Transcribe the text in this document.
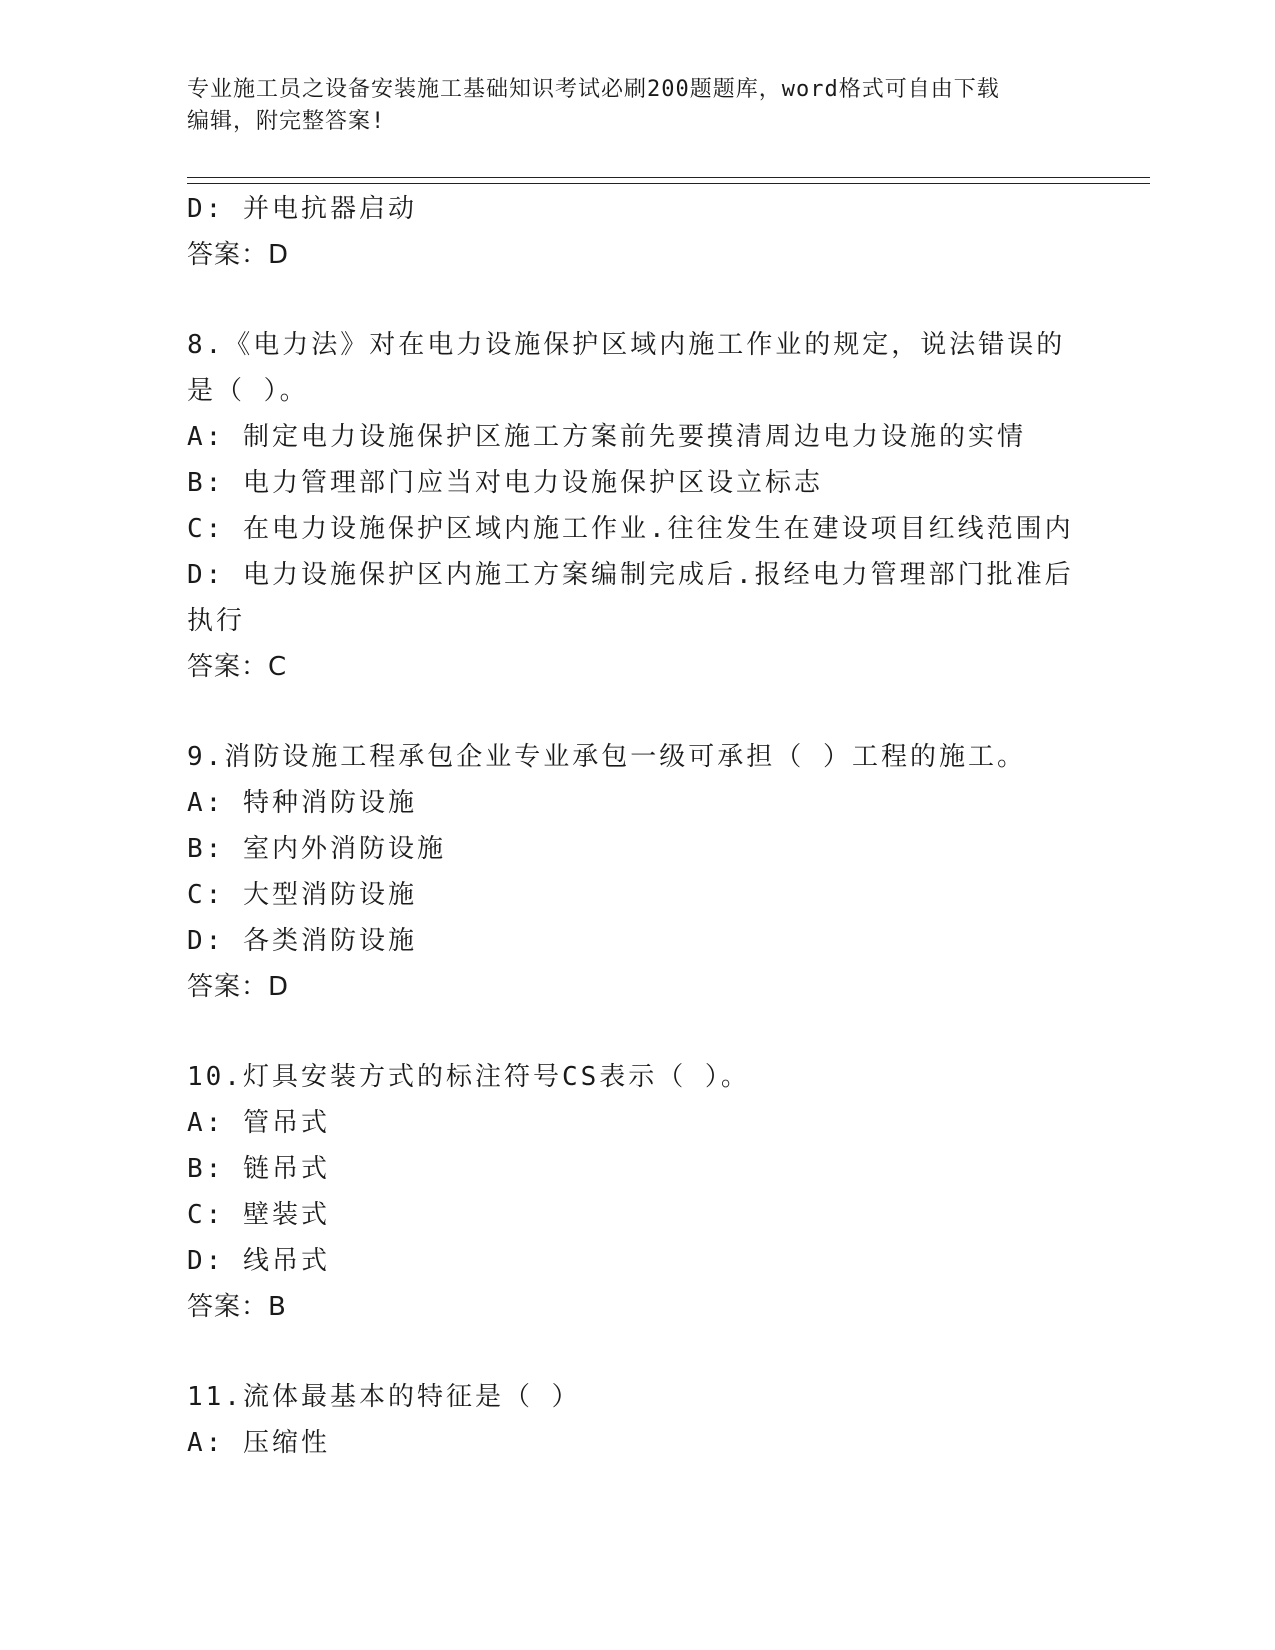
专业施工员之设备安装施工基础知识考试必刷200题题库，word格式可自由下载
编辑，附完整答案!
D: 并电抗器启动
答案：D
8.《电力法》对在电力设施保护区域内施工作业的规定，说法错误的
是（ ）。
A: 制定电力设施保护区施工方案前先要摸清周边电力设施的实情
B: 电力管理部门应当对电力设施保护区设立标志
C: 在电力设施保护区域内施工作业.往往发生在建设项目红线范围内
D: 电力设施保护区内施工方案编制完成后.报经电力管理部门批准后
执行
答案：C
9.消防设施工程承包企业专业承包一级可承担（ ）工程的施工。
A: 特种消防设施
B: 室内外消防设施
C: 大型消防设施
D: 各类消防设施
答案：D
10.灯具安装方式的标注符号CS表示（ ）。
A: 管吊式
B: 链吊式
C: 壁装式
D: 线吊式
答案：B
11.流体最基本的特征是（ ）
A: 压缩性
